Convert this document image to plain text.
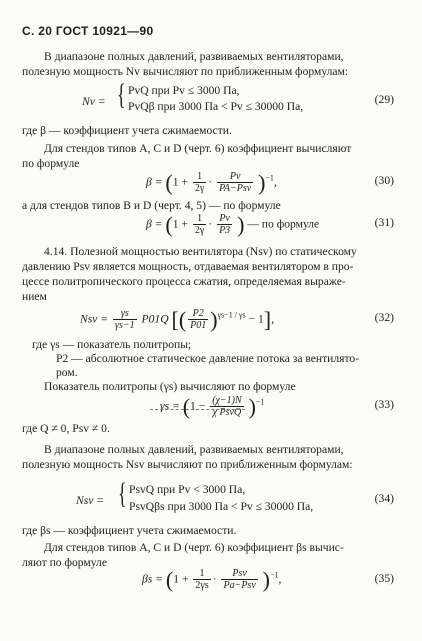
С. 20 ГОСТ 10921—90
В диапазоне полных давлений, развиваемых вентиляторами,
полезную мощность Nv вычисляют по приближенным формулам:
Nv = { PvQ при Pv ≤ 3000 Па,
PvQβ при 3000 Па < Pv ≤ 30000 Па,
(29)
где β — коэффициент учета сжимаемости.
Для стендов типов А, С и D (черт. 6) коэффициент вычисляют
по формуле
$\beta = (1 + \frac{1}{2\gamma} \cdot \frac{Pv}{\text{PA−Psv}} )^{-1}$,	(30)
а для стендов типов В и D (черт. 4, 5) — по формуле
$\beta = (1 + \frac{1}{2\gamma} \cdot \frac{Pv}{P3}$ ) — по формуле	(31)
4.14. Полезной мощностью вентилятора (Nsv) по статическому
давлению Psv является мощность, отдаваемая вентилятором в про-
цессе политропического процесса сжатия, определяемая выраже-
нием
Nsv = $\frac{\gamma s}{\gamma s-1} P01Q$ [( $\frac{P2}{P01} )^{\gamma s-1 / \gamma s} - 1$],	(32)
где γs — показатель политропы;
P2 — абсолютное статическое давление потока за вентилято-
ром.
Показатель политропы (γs) вычисляют по формуле
$\gamma s = (1 - \frac{(\chi-1)N}{\text{χ PsvQ}} )^{-1}$	(33)
где Q ≠ 0, Psv ≠ 0.
В диапазоне полных давлений, развиваемых вентиляторами,
полезную мощность Nsv вычисляют по приближенным формулам:
Nsv = { PsvQ при Pv < 3000 Па,
PsvQβs при 3000 Па < Pv ≤ 30000 Па,
(34)
где βs — коэффициент учета сжимаемости.
Для стендов типов А, С и D (черт. 6) коэффициент βs вычис-
ляют по формуле
$\beta s = (1 + \frac{1}{2\gamma s} \cdot \frac{\text{Psv}}{\text{Pa−Psv}} )^{-1}$,	(35)
